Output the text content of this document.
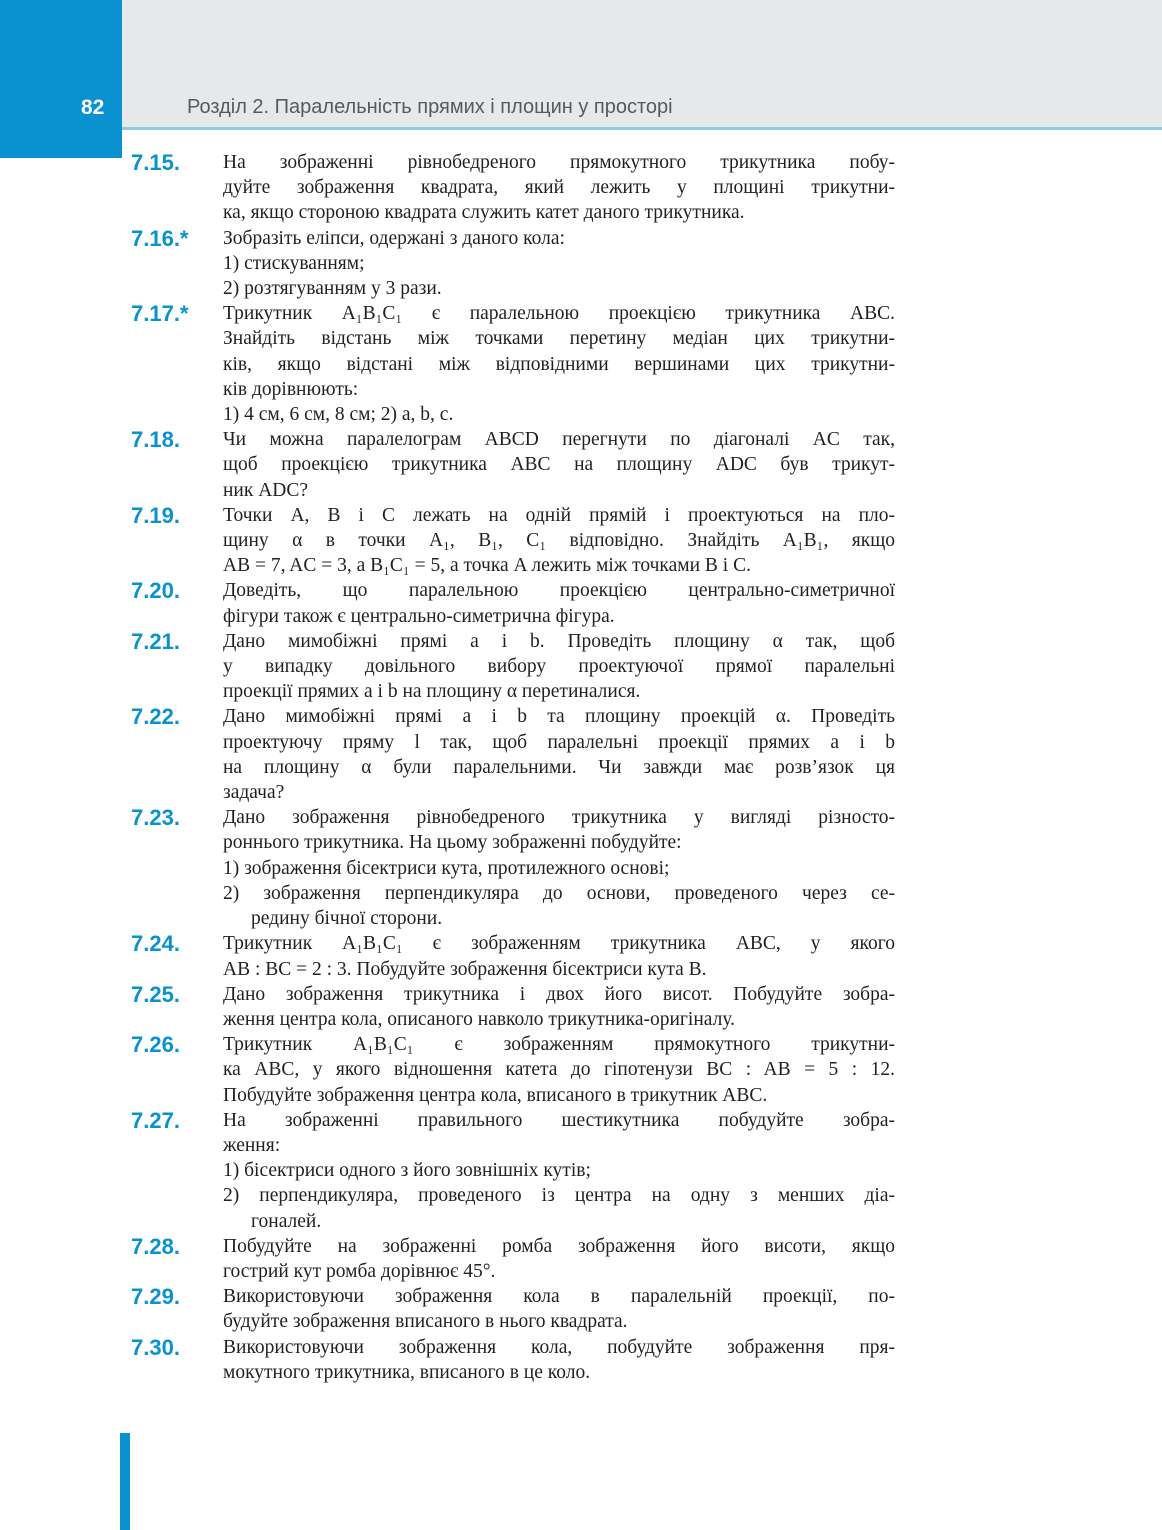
82	Розділ 2. Паралельність прямих і площин у просторі
7.15. На зображенні рівнобедреного прямокутного трикутника побу-
дуйте зображення квадрата, який лежить у площині трикутни-
ка, якщо стороною квадрата служить катет даного трикутника.
7.16.* Зобразіть еліпси, одержані з даного кола:
1) стискуванням;
2) розтягуванням у 3 рази.
7.17.* Трикутник A₁B₁C₁ є паралельною проекцією трикутника ABC.
Знайдіть відстань між точками перетину медіан цих трикутни-
ків, якщо відстані між відповідними вершинами цих трикутни-
ків дорівнюють:
1) 4 см, 6 см, 8 см; 2) a, b, c.
7.18. Чи можна паралелограм ABCD перегнути по діагоналі AC так,
щоб проекцією трикутника ABC на площину ADC був трикут-
ник ADC?
7.19. Точки A, B і C лежать на одній прямій і проектуються на пло-
щину α в точки A₁, B₁, C₁ відповідно. Знайдіть A₁B₁, якщо
AB = 7, AC = 3, а B₁C₁ = 5, а точка A лежить між точками B і C.
7.20. Доведіть, що паралельною проекцією центрально-симетричної
фігури також є центрально-симетрична фігура.
7.21. Дано мимобіжні прямі a і b. Проведіть площину α так, щоб
у випадку довільного вибору проектуючої прямої паралельні
проекції прямих a і b на площину α перетиналися.
7.22. Дано мимобіжні прямі a і b та площину проекцій α. Проведіть
проектуючу пряму l так, щоб паралельні проекції прямих a і b
на площину α були паралельними. Чи завжди має розв’язок ця
задача?
7.23. Дано зображення рівнобедреного трикутника у вигляді різносто-
роннього трикутника. На цьому зображенні побудуйте:
1) зображення бісектриси кута, протилежного основі;
2) зображення перпендикуляра до основи, проведеного через се-
редину бічної сторони.
7.24. Трикутник A₁B₁C₁ є зображенням трикутника ABC, у якого
AB : BC = 2 : 3. Побудуйте зображення бісектриси кута B.
7.25. Дано зображення трикутника і двох його висот. Побудуйте зобра-
ження центра кола, описаного навколо трикутника-оригіналу.
7.26. Трикутник A₁B₁C₁ є зображенням прямокутного трикутни-
ка ABC, у якого відношення катета до гіпотенузи BC : AB = 5 : 12.
Побудуйте зображення центра кола, вписаного в трикутник ABC.
7.27. На зображенні правильного шестикутника побудуйте зобра-
ження:
1) бісектриси одного з його зовнішніх кутів;
2) перпендикуляра, проведеного із центра на одну з менших діа-
гоналей.
7.28. Побудуйте на зображенні ромба зображення його висоти, якщо
гострий кут ромба дорівнює 45°.
7.29. Використовуючи зображення кола в паралельній проекції, по-
будуйте зображення вписаного в нього квадрата.
7.30. Використовуючи зображення кола, побудуйте зображення пря-
мокутного трикутника, вписаного в це коло.
